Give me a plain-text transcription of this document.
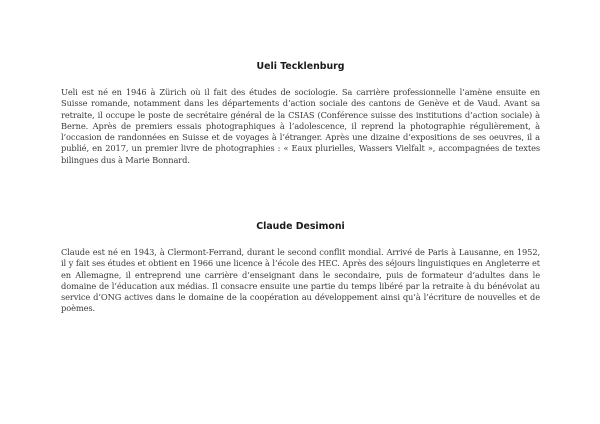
Ueli Tecklenburg

Ueli est né en 1946 à Zürich où il fait des études de sociologie. Sa carrière professionnelle l’amène ensuite en Suisse romande, notamment dans les départements d’action sociale des cantons de Genève et de Vaud. Avant sa retraite, il occupe le poste de secrétaire général de la CSIAS (Conférence suisse des institutions d’action sociale) à Berne. Après de premiers essais photographiques à l’adolescence, il reprend la photographie régulièrement, à l’occasion de randonnées en Suisse et de voyages à l’étranger. Après une dizaine d’expositions de ses oeuvres, il a publié, en 2017, un premier livre de photographies : « Eaux plurielles, Wassers Vielfalt », accompagnées de textes bilingues dus à Marie Bonnard.

Claude Desimoni

Claude est né en 1943, à Clermont-Ferrand, durant le second conflit mondial. Arrivé de Paris à Lausanne, en 1952, il y fait ses études et obtient en 1966 une licence à l’école des HEC. Après des séjours linguistiques en Angleterre et en Allemagne, il entreprend une carrière d’enseignant dans le secondaire, puis de formateur d’adultes dans le domaine de l’éducation aux médias. Il consacre ensuite une partie du temps libéré par la retraite à du bénévolat au service d’ONG actives dans le domaine de la coopération au développement ainsi qu’à l’écriture de nouvelles et de poèmes.
